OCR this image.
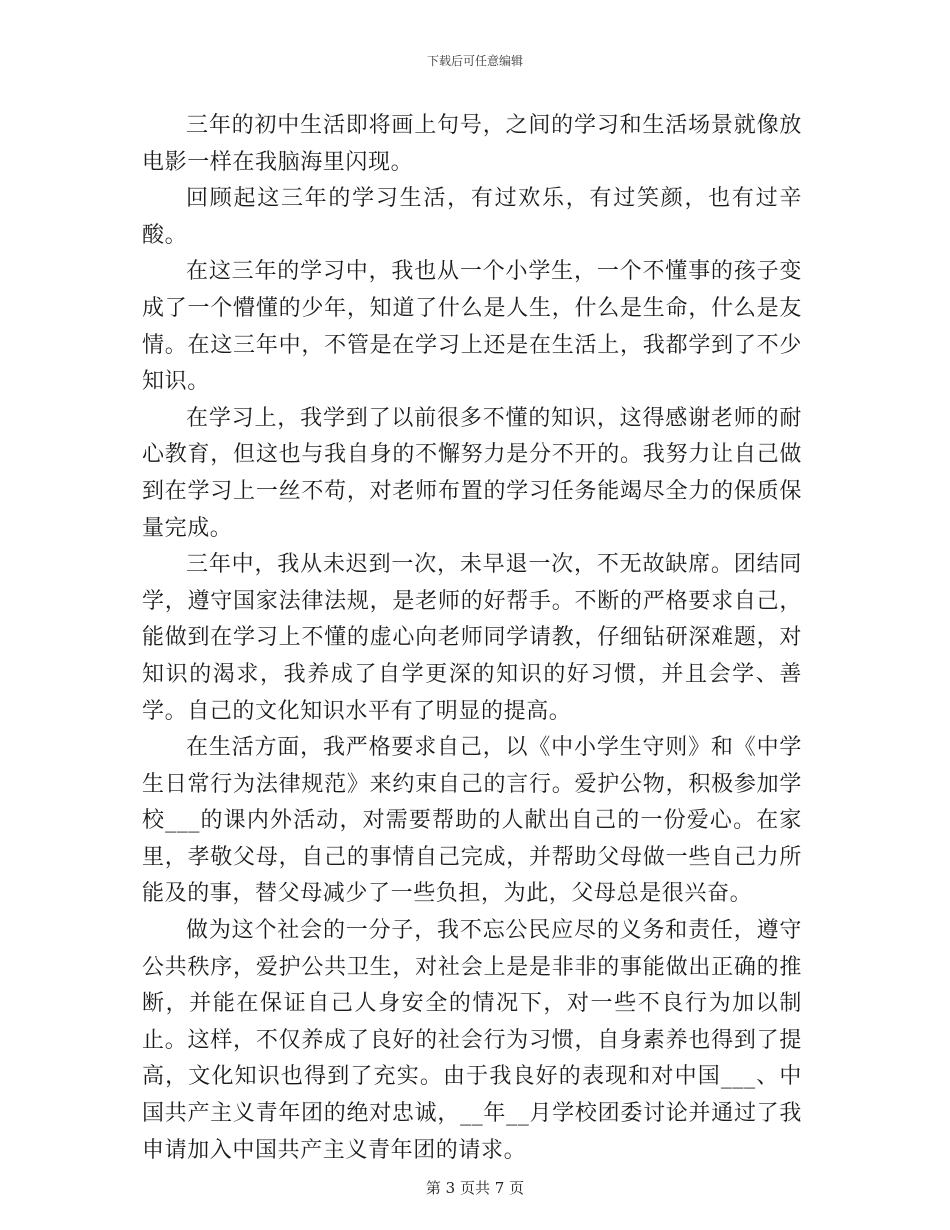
下载后可任意编辑

三年的初中生活即将画上句号，之间的学习和生活场景就像放电影一样在我脑海里闪现。

回顾起这三年的学习生活，有过欢乐，有过笑颜，也有过辛酸。

在这三年的学习中，我也从一个小学生，一个不懂事的孩子变成了一个懵懂的少年，知道了什么是人生，什么是生命，什么是友情。在这三年中，不管是在学习上还是在生活上，我都学到了不少知识。

在学习上，我学到了以前很多不懂的知识，这得感谢老师的耐心教育，但这也与我自身的不懈努力是分不开的。我努力让自己做到在学习上一丝不苟，对老师布置的学习任务能竭尽全力的保质保量完成。

三年中，我从未迟到一次，未早退一次，不无故缺席。团结同学，遵守国家法律法规，是老师的好帮手。不断的严格要求自己，能做到在学习上不懂的虚心向老师同学请教，仔细钻研深难题，对知识的渴求，我养成了自学更深的知识的好习惯，并且会学、善学。自己的文化知识水平有了明显的提高。

在生活方面，我严格要求自己，以《中小学生守则》和《中学生日常行为法律规范》来约束自己的言行。爱护公物，积极参加学校___的课内外活动，对需要帮助的人献出自己的一份爱心。在家里，孝敬父母，自己的事情自己完成，并帮助父母做一些自己力所能及的事，替父母减少了一些负担，为此，父母总是很兴奋。

做为这个社会的一分子，我不忘公民应尽的义务和责任，遵守公共秩序，爱护公共卫生，对社会上是是非非的事能做出正确的推断，并能在保证自己人身安全的情况下，对一些不良行为加以制止。这样，不仅养成了良好的社会行为习惯，自身素养也得到了提高，文化知识也得到了充实。由于我良好的表现和对中国___、中国共产主义青年团的绝对忠诚，__年__月学校团委讨论并通过了我申请加入中国共产主义青年团的请求。

第 3 页共 7 页
